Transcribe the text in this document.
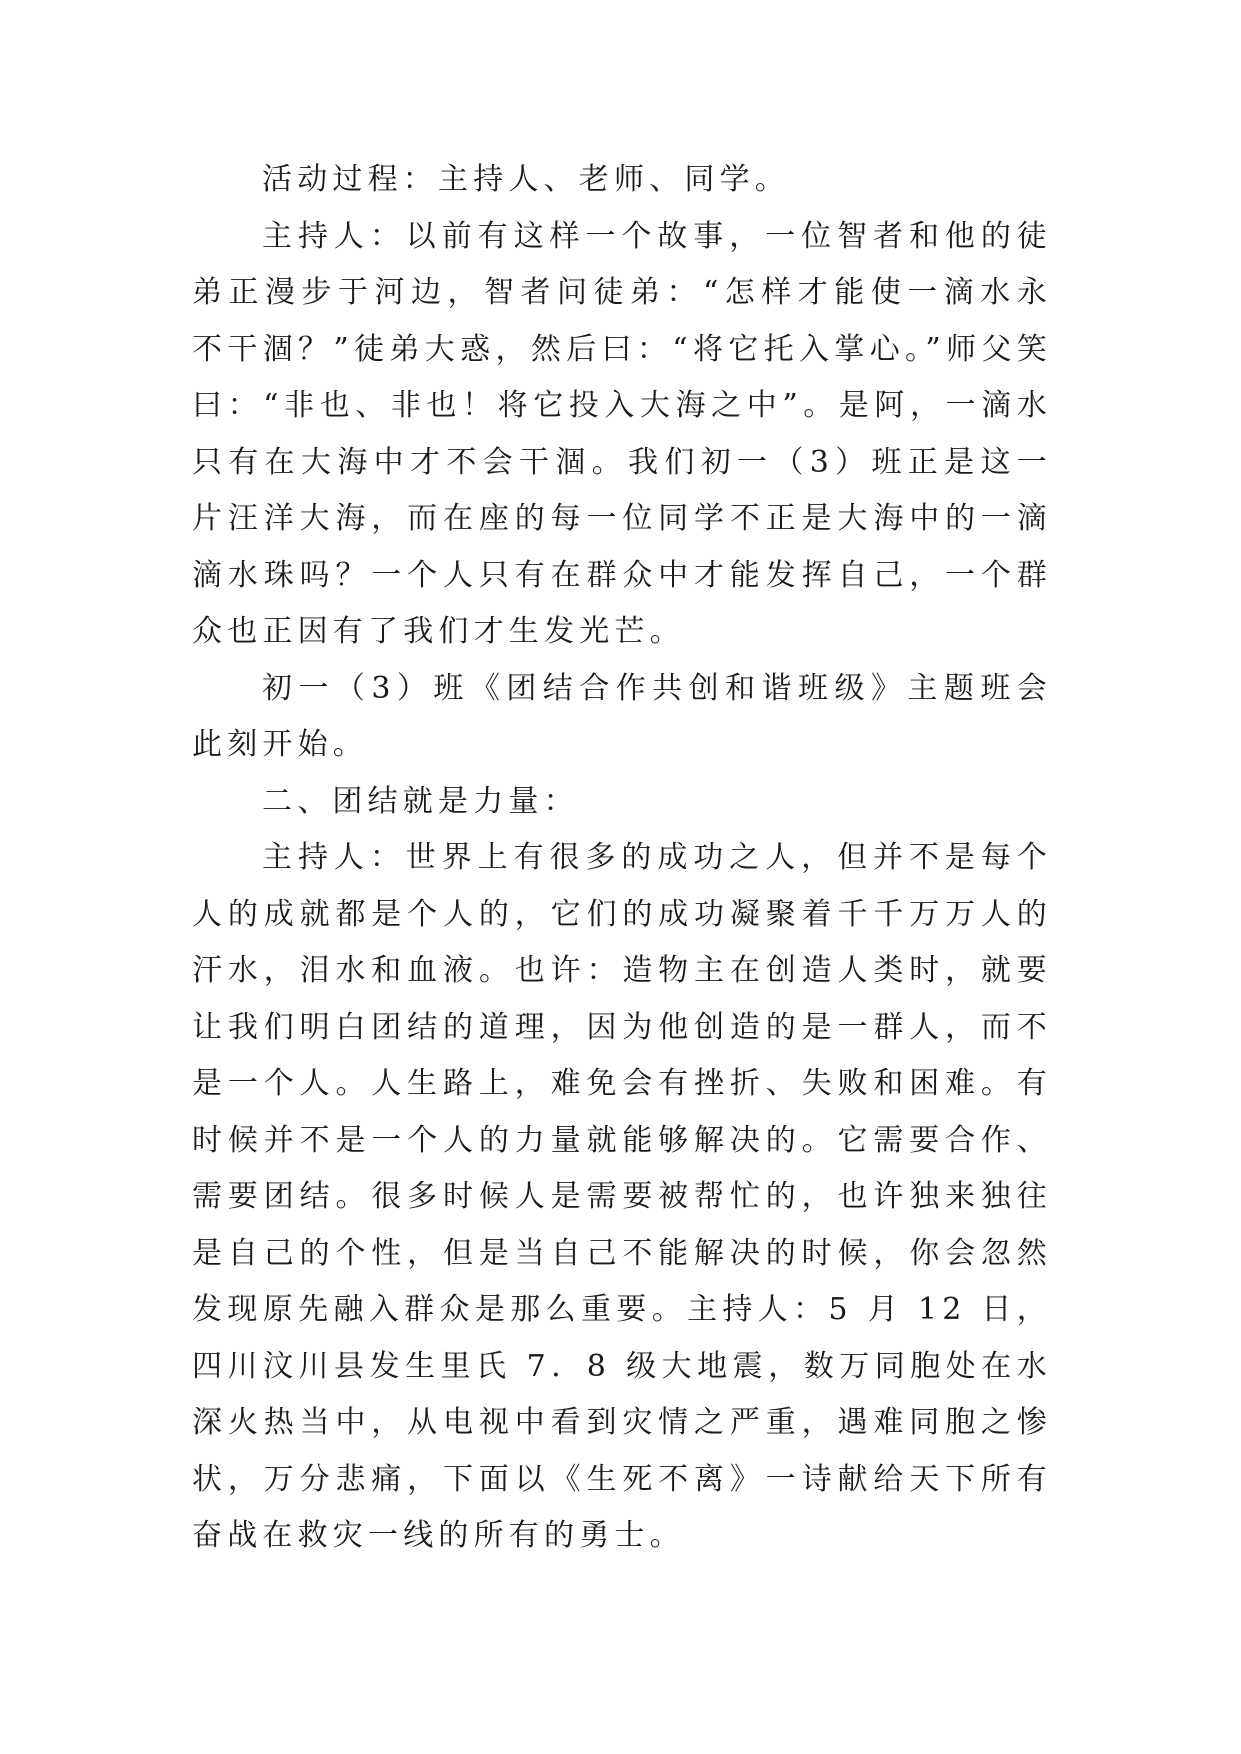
活动过程：主持人、老师、同学。

主持人：以前有这样一个故事，一位智者和他的徒弟正漫步于河边，智者问徒弟：“怎样才能使一滴水永不干涸？”徒弟大惑，然后曰：“将它托入掌心。”师父笑曰：“非也、非也！将它投入大海之中”。是阿，一滴水只有在大海中才不会干涸。我们初一（3）班正是这一片汪洋大海，而在座的每一位同学不正是大海中的一滴滴水珠吗？一个人只有在群众中才能发挥自己，一个群众也正因有了我们才生发光芒。

初一（3）班《团结合作共创和谐班级》主题班会此刻开始。

二、团结就是力量：

主持人：世界上有很多的成功之人，但并不是每个人的成就都是个人的，它们的成功凝聚着千千万万人的汗水，泪水和血液。也许：造物主在创造人类时，就要让我们明白团结的道理，因为他创造的是一群人，而不是一个人。人生路上，难免会有挫折、失败和困难。有时候并不是一个人的力量就能够解决的。它需要合作、需要团结。很多时候人是需要被帮忙的，也许独来独往是自己的个性，但是当自己不能解决的时候，你会忽然发现原先融入群众是那么重要。主持人：5 月 12 日，四川汶川县发生里氏 7．8 级大地震，数万同胞处在水深火热当中，从电视中看到灾情之严重，遇难同胞之惨状，万分悲痛，下面以《生死不离》一诗献给天下所有奋战在救灾一线的所有的勇士。
